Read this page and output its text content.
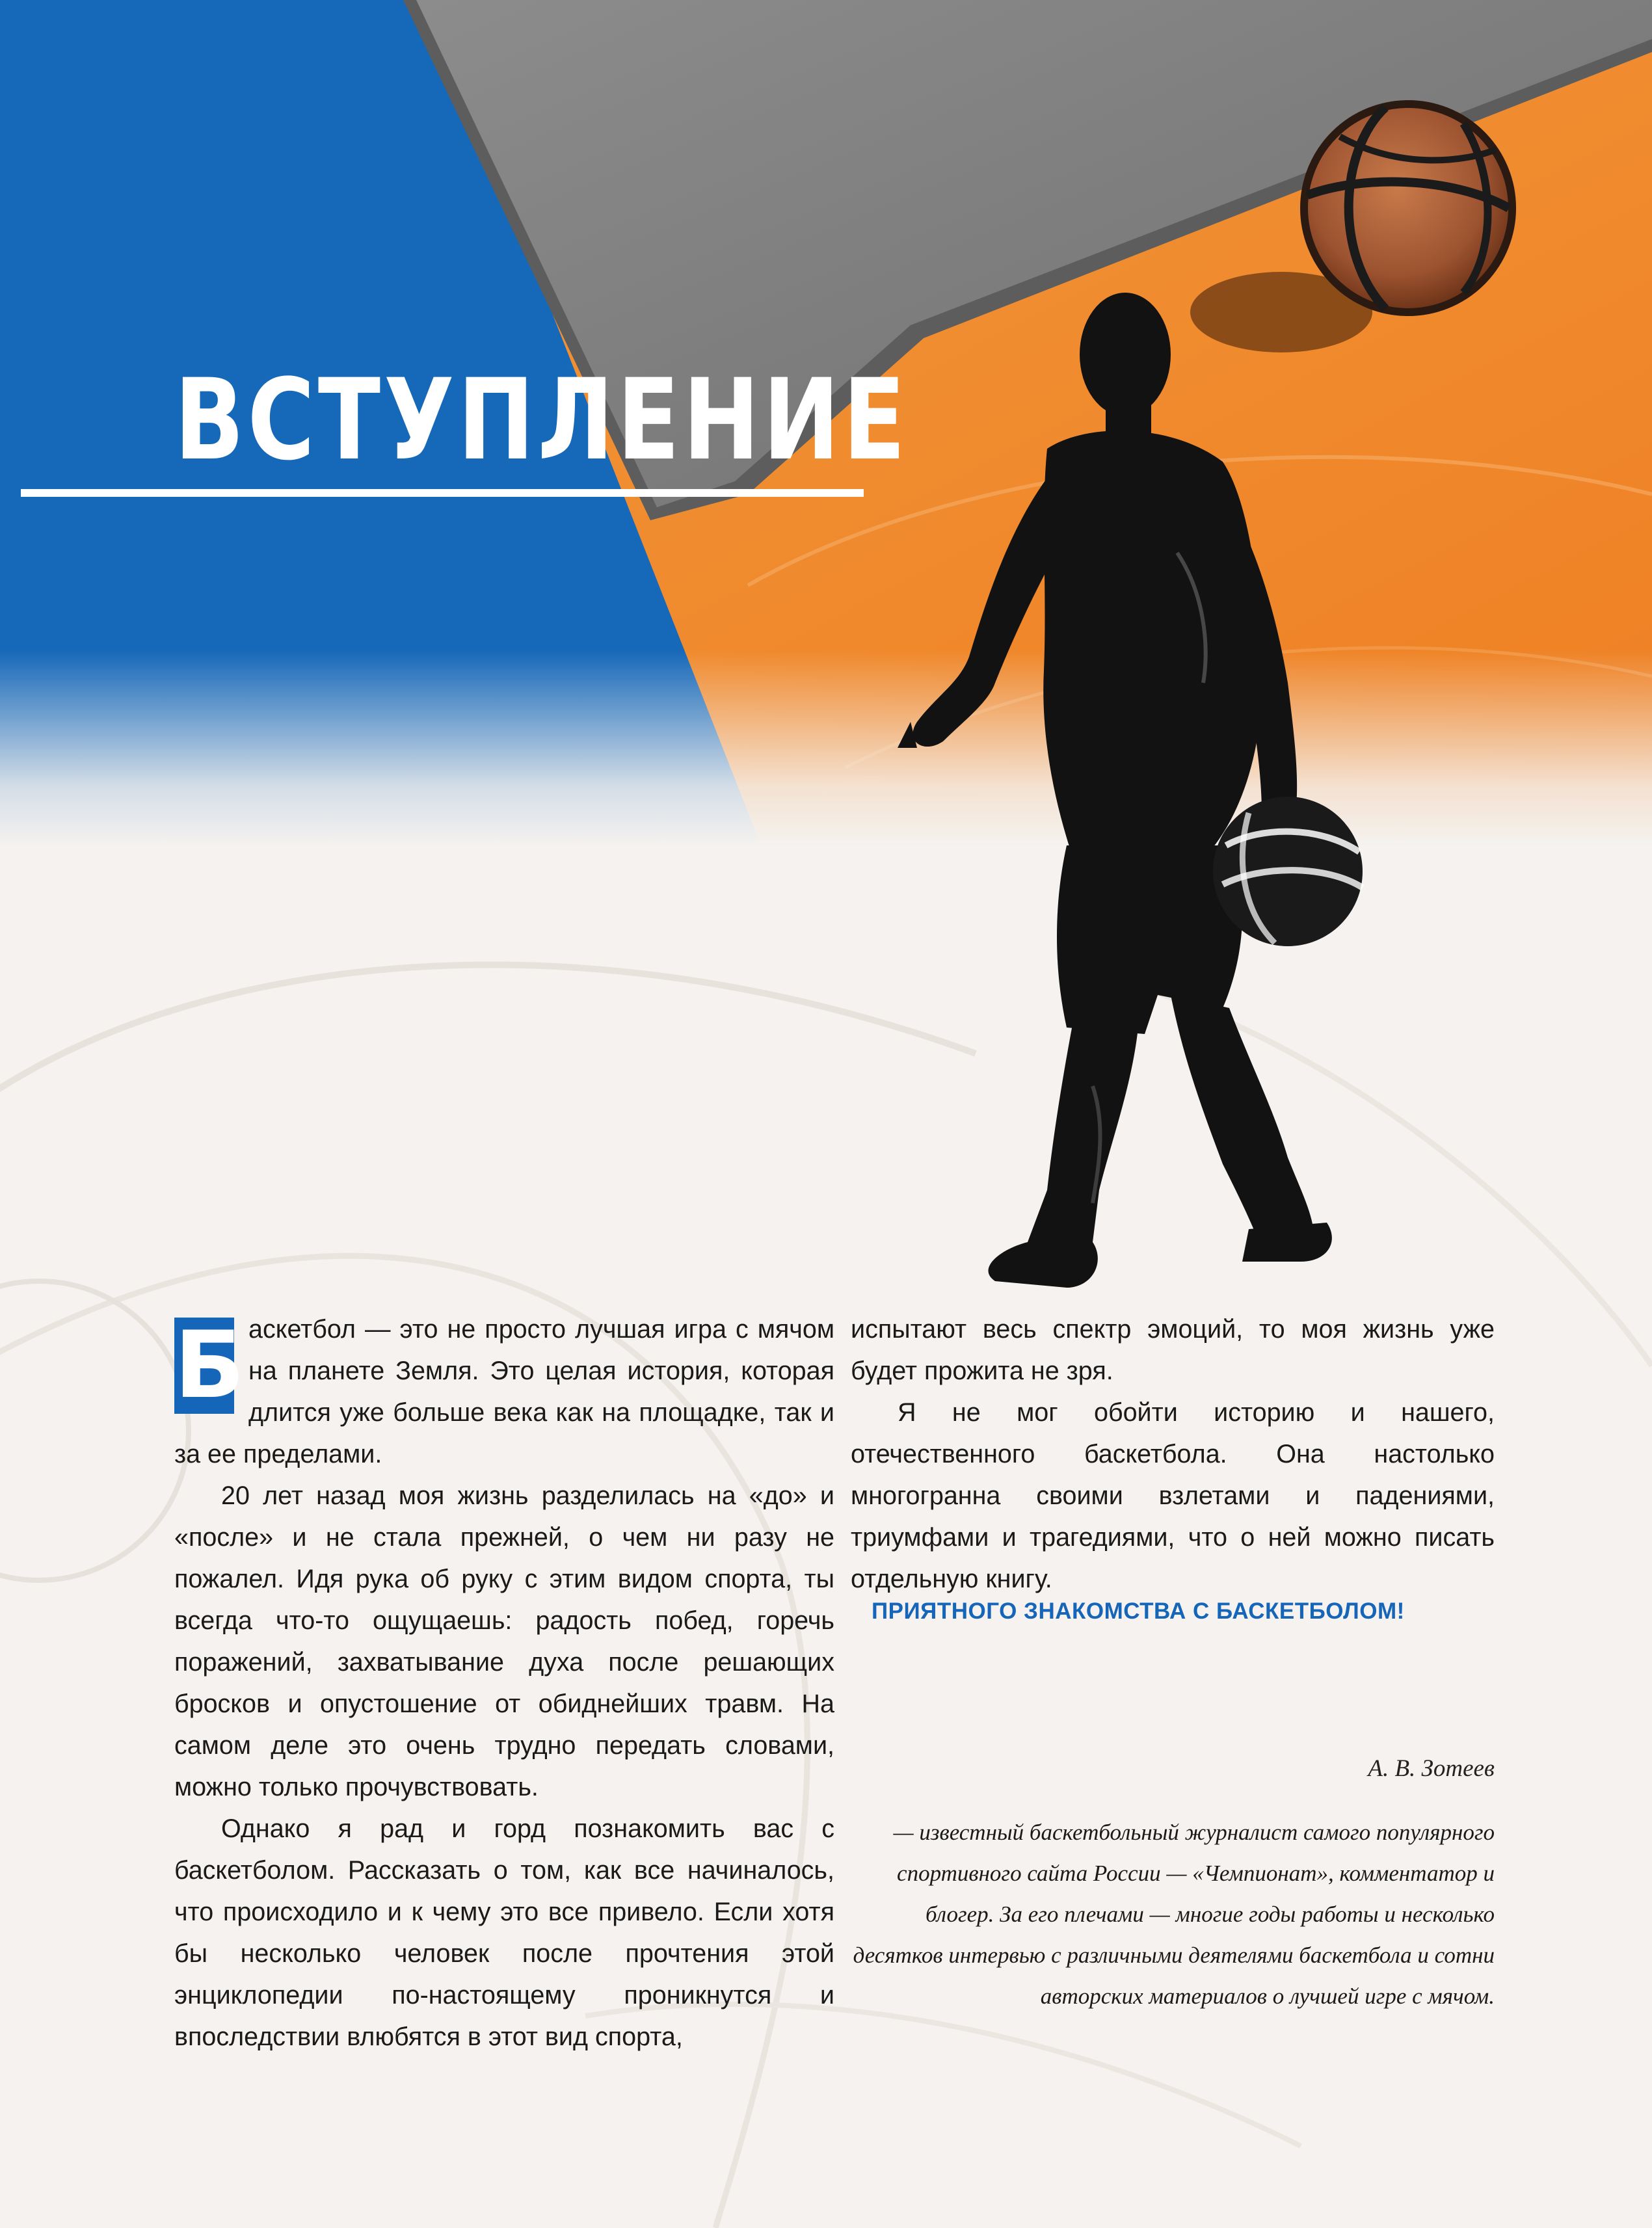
ВСТУПЛЕНИЕ

Б аскетбол — это не просто лучшая игра с мячом на планете Земля. Это целая история, которая длится уже больше века как на площадке, так и за ее пределами.

20 лет назад моя жизнь разделилась на «до» и «после» и не стала прежней, о чем ни разу не пожалел. Идя рука об руку с этим видом спорта, ты всегда что-то ощущаешь: радость побед, горечь поражений, захватывание духа после решающих бросков и опустошение от обиднейших травм. На самом деле это очень трудно передать словами, можно только прочувствовать.

Однако я рад и горд познакомить вас с баскетболом. Рассказать о том, как все начиналось, что происходило и к чему это все привело. Если хотя бы несколько человек после прочтения этой энциклопедии по-настоящему проникнутся и впоследствии влюбятся в этот вид спорта,

испытают весь спектр эмоций, то моя жизнь уже будет прожита не зря.

Я не мог обойти историю и нашего, отечественного баскетбола. Она настолько многогранна своими взлетами и падениями, триумфами и трагедиями, что о ней можно писать отдельную книгу.

ПРИЯТНОГО ЗНАКОМСТВА С БАСКЕТБОЛОМ!

А. В. Зотеев

— известный баскетбольный журналист самого популярного спортивного сайта России — «Чемпионат», комментатор и блогер. За его плечами — многие годы работы и несколько десятков интервью с различными деятелями баскетбола и сотни авторских материалов о лучшей игре с мячом.
